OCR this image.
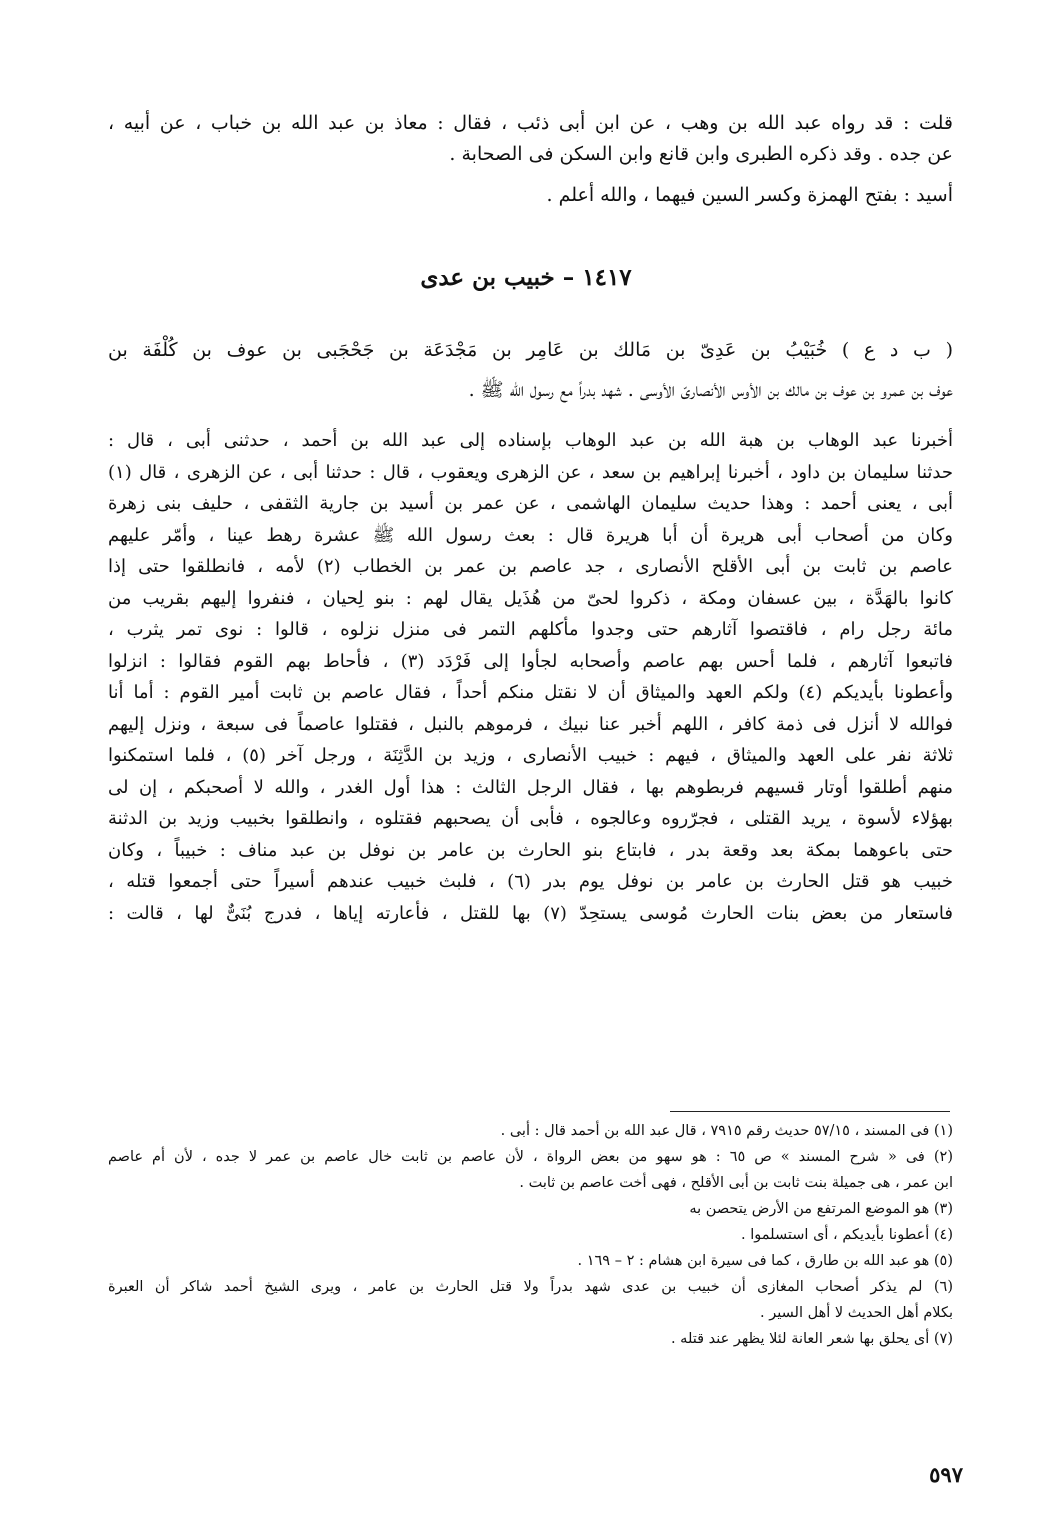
قلت : قد رواه عبد الله بن وهب ، عن ابن أبى ذئب ، فقال : معاذ بن عبد الله بن خباب ، عن أبيه ،
عن جده . وقد ذكره الطبرى وابن قانع وابن السكن فى الصحابة .
أسيد : بفتح الهمزة وكسر السين فيهما ، والله أعلم .
١٤١٧ – خبيب بن عدى
( ب د ع ) خُبَيْبُ بن عَدِىّ بن مَالك بن عَامِر بن مَجْدَعَة بن جَحْجَبى بن عوف بن كُلْفَة بن
عوف بن عمرو بن عوف بن مالك بن الأوس الأنصارىّ الأوسى . شهد بدراً مع رسول الله ﷺ .
أخبرنا عبد الوهاب بن هبة الله بن عبد الوهاب بإسناده إلى عبد الله بن أحمد ، حدثنى أبى ، قال :
حدثنا سليمان بن داود ، أخبرنا إبراهيم بن سعد ، عن الزهرى ويعقوب ، قال : حدثنا أبى ، عن الزهرى ، قال (١)
أبى ، يعنى أحمد : وهذا حديث سليمان الهاشمى ، عن عمر بن أسيد بن جارية الثقفى ، حليف بنى زهرة
وكان من أصحاب أبى هريرة أن أبا هريرة قال : بعث رسول الله ﷺ عشرة رهط عينا ، وأمّر عليهم
عاصم بن ثابت بن أبى الأقلح الأنصارى ، جد عاصم بن عمر بن الخطاب (٢) لأمه ، فانطلقوا حتى إذا
كانوا بالهَدَّة ، بين عسفان ومكة ، ذكروا لحىّ من هُذَيل يقال لهم : بنو لِحيان ، فنفروا إليهم بقريب من
مائة رجل رام ، فاقتصوا آثارهم حتى وجدوا مأكلهم التمر فى منزل نزلوه ، قالوا : نوى تمر يثرب ،
فاتبعوا آثارهم ، فلما أحس بهم عاصم وأصحابه لجأوا إلى فَرْدَد (٣) ، فأحاط بهم القوم فقالوا : انزلوا
وأعطونا بأيديكم (٤) ولكم العهد والميثاق أن لا نقتل منكم أحداً ، فقال عاصم بن ثابت أمير القوم : أما أنا
فوالله لا أنزل فى ذمة كافر ، اللهم أخبر عنا نبيك ، فرموهم بالنبل ، فقتلوا عاصماً فى سبعة ، ونزل إليهم
ثلاثة نفر على العهد والميثاق ، فيهم : خبيب الأنصارى ، وزيد بن الدَّثِنَة ، ورجل آخر (٥) ، فلما استمكنوا
منهم أطلقوا أوتار قسيهم فربطوهم بها ، فقال الرجل الثالث : هذا أول الغدر ، والله لا أصحبكم ، إن لى
بهؤلاء لأسوة ، يريد القتلى ، فجرّروه وعالجوه ، فأبى أن يصحبهم فقتلوه ، وانطلقوا بخبيب وزيد بن الدثنة
حتى باعوهما بمكة بعد وقعة بدر ، فابتاع بنو الحارث بن عامر بن نوفل بن عبد مناف : خبيباً ، وكان
خبيب هو قتل الحارث بن عامر بن نوفل يوم بدر (٦) ، فلبث خبيب عندهم أسيراً حتى أجمعوا قتله ،
فاستعار من بعض بنات الحارث مُوسى يستحِدّ (٧) بها للقتل ، فأعارته إياها ، فدرج بُنَىٌّ لها ، قالت :
(١) فى المسند ، ٥٧/١٥ حديث رقم ٧٩١٥ ، قال عبد الله بن أحمد قال : أبى .
(٢) فى « شرح المسند » ص ٦٥ : هو سهو من بعض الرواة ، لأن عاصم بن ثابت خال عاصم بن عمر لا جده ، لأن أم عاصم
ابن عمر ، هى جميلة بنت ثابت بن أبى الأقلح ، فهى أخت عاصم بن ثابت .
(٣) هو الموضع المرتفع من الأرض يتحصن به
(٤) أعطونا بأيديكم ، أى استسلموا .
(٥) هو عبد الله بن طارق ، كما فى سيرة ابن هشام : ٢ – ١٦٩ .
(٦) لم يذكر أصحاب المغازى أن خبيب بن عدى شهد بدراً ولا قتل الحارث بن عامر ، ويرى الشيخ أحمد شاكر أن العبرة
بكلام أهل الحديث لا أهل السير .
(٧) أى يحلق بها شعر العانة لئلا يظهر عند قتله .
٥٩٧
